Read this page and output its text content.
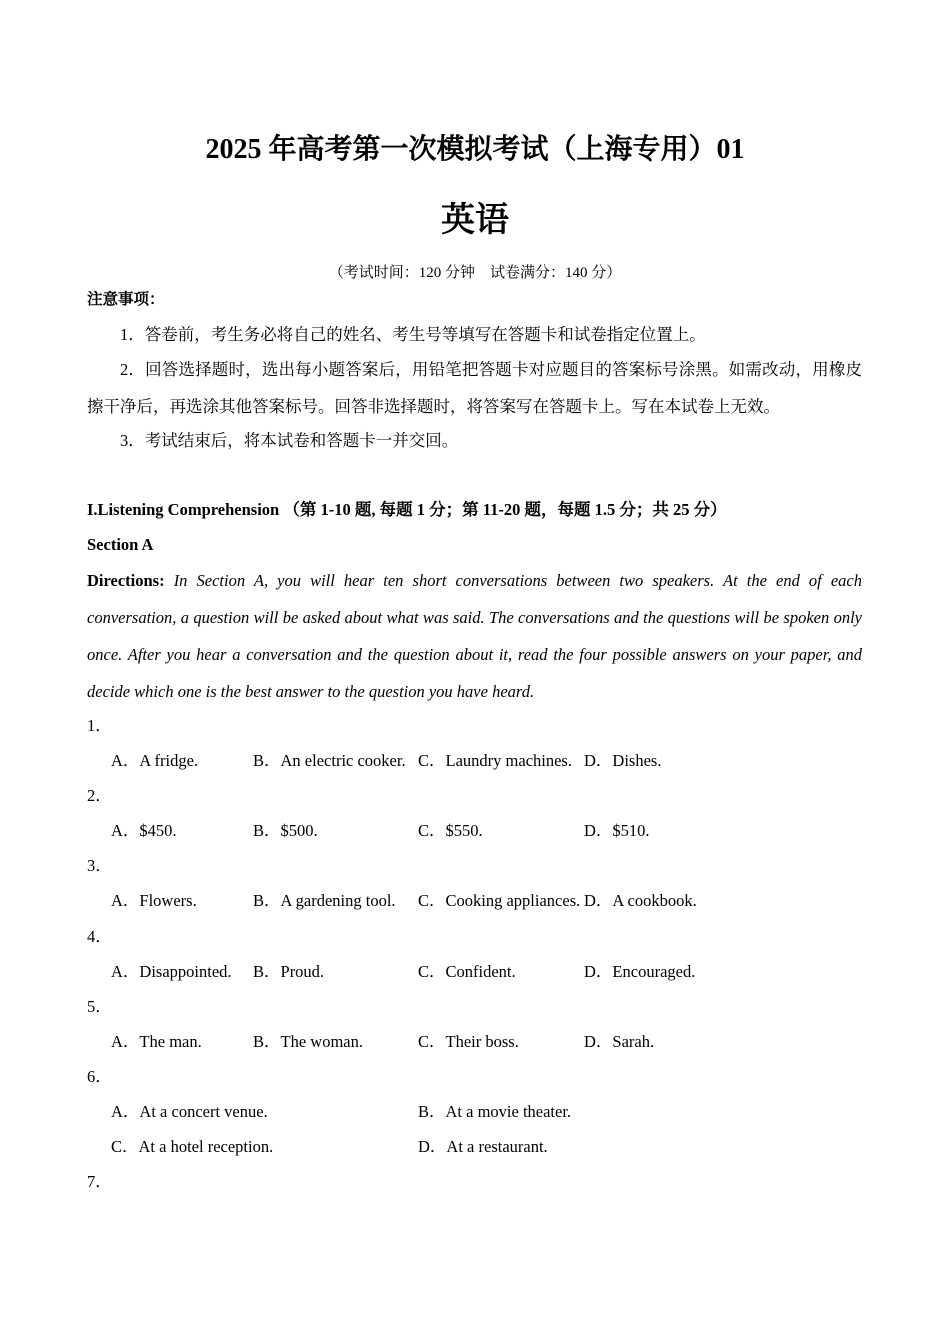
2025 年高考第一次模拟考试（上海专用）01
英语
（考试时间：120 分钟　试卷满分：140 分）
注意事项：
1．答卷前，考生务必将自己的姓名、考生号等填写在答题卡和试卷指定位置上。
2．回答选择题时，选出每小题答案后，用铅笔把答题卡对应题目的答案标号涂黑。如需改动，用橡皮擦干净后，再选涂其他答案标号。回答非选择题时，将答案写在答题卡上。写在本试卷上无效。
3．考试结束后，将本试卷和答题卡一并交回。
I.Listening Comprehension （第 1-10 题, 每题 1 分；第 11-20 题，每题 1.5 分；共 25 分）
Section A
Directions: In Section A, you will hear ten short conversations between two speakers. At the end of each conversation, a question will be asked about what was said. The conversations and the questions will be spoken only once. After you hear a conversation and the question about it, read the four possible answers on your paper, and decide which one is the best answer to the question you have heard.
1．
A．A fridge.	B．An electric cooker. C．Laundry machines. D．Dishes.
2．
A．$450.	B．$500.	C．$550.	D．$510.
3．
A．Flowers.	B．A gardening tool. C．Cooking appliances. D．A cookbook.
4．
A．Disappointed. B．Proud.	C．Confident.	D．Encouraged.
5．
A．The man.	B．The woman.	C．Their boss.	D．Sarah.
6．
A．At a concert venue.	B．At a movie theater.
C．At a hotel reception.	D．At a restaurant.
7．
